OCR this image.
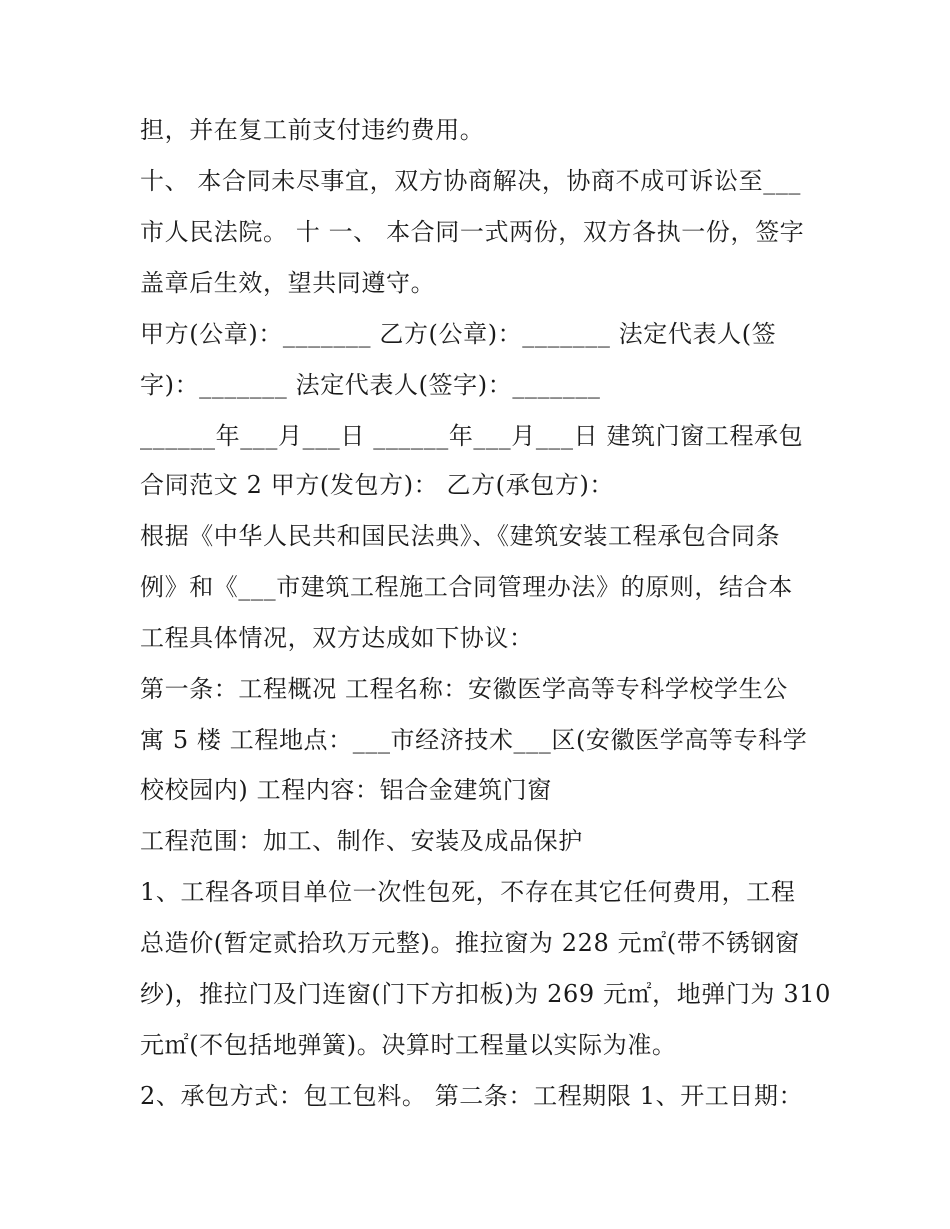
担，并在复工前支付违约费用。
十、 本合同未尽事宜，双方协商解决，协商不成可诉讼至___
市人民法院。 十 一、 本合同一式两份，双方各执一份，签字
盖章后生效，望共同遵守。
甲方(公章)：_______ 乙方(公章)：_______ 法定代表人(签
字)：_______ 法定代表人(签字)：_______
______年___月___日 ______年___月___日 建筑门窗工程承包
合同范文 2 甲方(发包方)： 乙方(承包方)：
根据《中华人民共和国民法典》、《建筑安装工程承包合同条
例》和《___市建筑工程施工合同管理办法》的原则，结合本
工程具体情况，双方达成如下协议：
第一条：工程概况 工程名称：安徽医学高等专科学校学生公
寓 5 楼 工程地点：___市经济技术___区(安徽医学高等专科学
校校园内) 工程内容：铝合金建筑门窗
工程范围：加工、制作、安装及成品保护
1、工程各项目单位一次性包死，不存在其它任何费用，工程
总造价(暂定贰拾玖万元整)。推拉窗为 228 元㎡(带不锈钢窗
纱)，推拉门及门连窗(门下方扣板)为 269 元㎡，地弹门为 310
元㎡(不包括地弹簧)。决算时工程量以实际为准。
2、承包方式：包工包料。 第二条：工程期限 1、开工日期：
